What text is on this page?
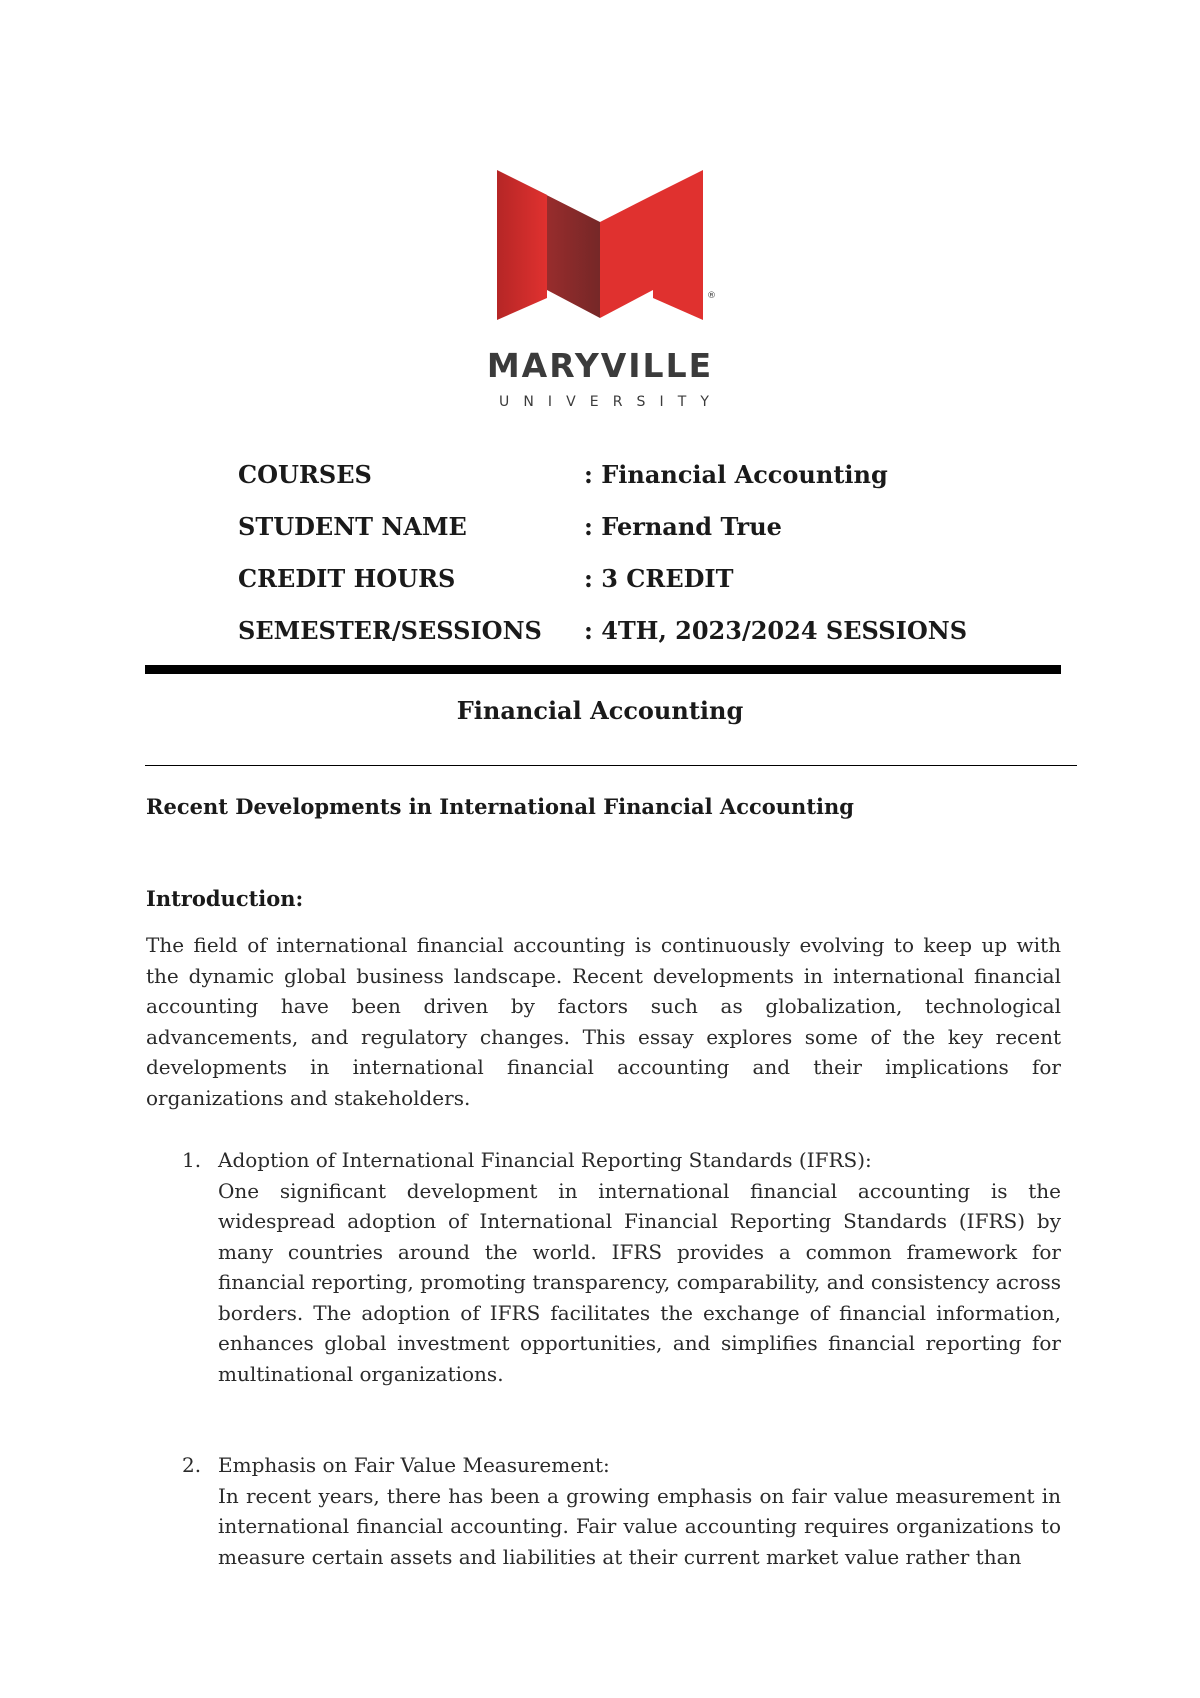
®

MARYVILLE

U N I V E R S I T Y
COURSES	: Financial Accounting
STUDENT NAME	: Fernand True
CREDIT HOURS	: 3 CREDIT
SEMESTER/SESSIONS	: 4TH, 2023/2024 SESSIONS
Financial Accounting
Recent Developments in International Financial Accounting
Introduction:

The field of international financial accounting is continuously evolving to keep up with the dynamic global business landscape. Recent developments in international financial accounting have been driven by factors such as globalization, technological advancements, and regulatory changes. This essay explores some of the key recent developments in international financial accounting and their implications for organizations and stakeholders.

1. Adoption of International Financial Reporting Standards (IFRS):

One significant development in international financial accounting is the widespread adoption of International Financial Reporting Standards (IFRS) by many countries around the world. IFRS provides a common framework for financial reporting, promoting transparency, comparability, and consistency across borders. The adoption of IFRS facilitates the exchange of financial information, enhances global investment opportunities, and simplifies financial reporting for multinational organizations.

2. Emphasis on Fair Value Measurement:

In recent years, there has been a growing emphasis on fair value measurement in international financial accounting. Fair value accounting requires organizations to measure certain assets and liabilities at their current market value rather than
